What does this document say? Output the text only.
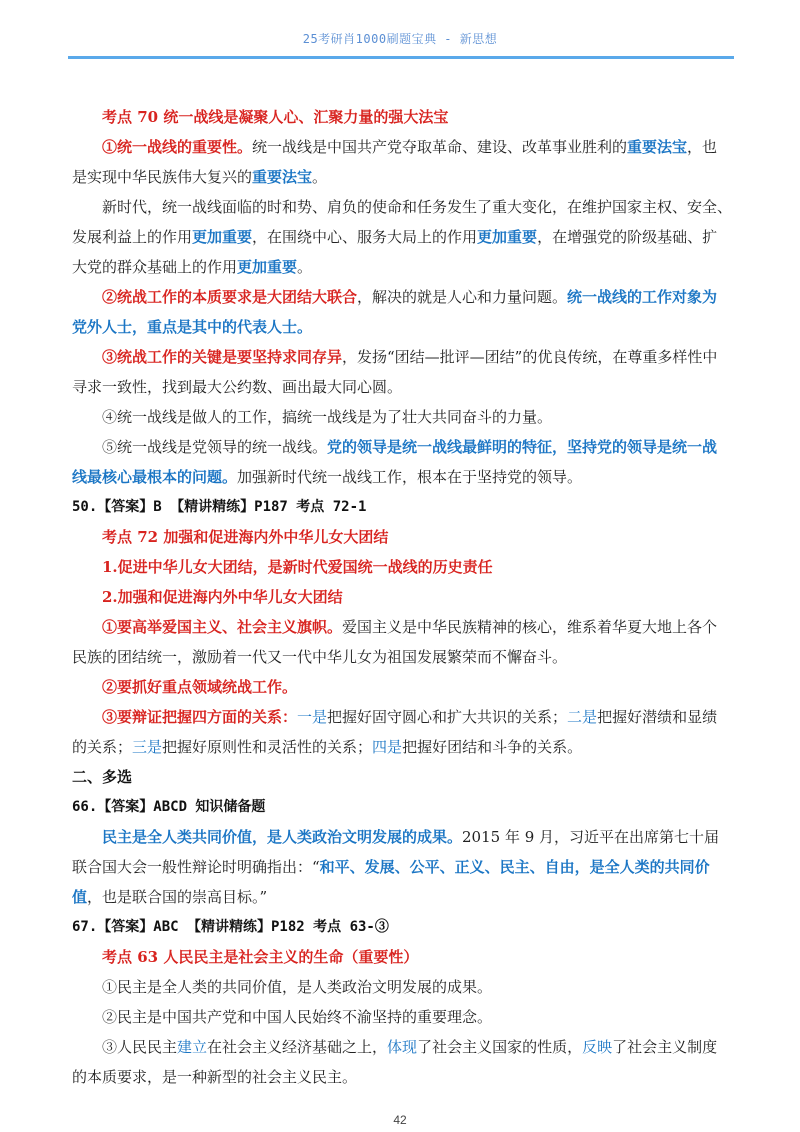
25考研肖1000刷题宝典 - 新思想

考点 70 统一战线是凝聚人心、汇聚力量的强大法宝

①统一战线的重要性。统一战线是中国共产党夺取革命、建设、改革事业胜利的重要法宝，也是实现中华民族伟大复兴的重要法宝。

新时代，统一战线面临的时和势、肩负的使命和任务发生了重大变化，在维护国家主权、安全、发展利益上的作用更加重要，在围绕中心、服务大局上的作用更加重要，在增强党的阶级基础、扩大党的群众基础上的作用更加重要。

②统战工作的本质要求是大团结大联合，解决的就是人心和力量问题。统一战线的工作对象为党外人士，重点是其中的代表人士。

③统战工作的关键是要坚持求同存异，发扬“团结—批评—团结”的优良传统，在尊重多样性中寻求一致性，找到最大公约数、画出最大同心圆。

④统一战线是做人的工作，搞统一战线是为了壮大共同奋斗的力量。

⑤统一战线是党领导的统一战线。党的领导是统一战线最鲜明的特征，坚持党的领导是统一战线最核心最根本的问题。加强新时代统一战线工作，根本在于坚持党的领导。

50.【答案】B 【精讲精练】P187 考点 72-1

考点 72 加强和促进海内外中华儿女大团结

1.促进中华儿女大团结，是新时代爱国统一战线的历史责任

2.加强和促进海内外中华儿女大团结

①要高举爱国主义、社会主义旗帜。爱国主义是中华民族精神的核心，维系着华夏大地上各个民族的团结统一，激励着一代又一代中华儿女为祖国发展繁荣而不懈奋斗。

②要抓好重点领域统战工作。

③要辩证把握四方面的关系：一是把握好固守圆心和扩大共识的关系；二是把握好潜绩和显绩的关系；三是把握好原则性和灵活性的关系；四是把握好团结和斗争的关系。

二、多选

66.【答案】ABCD 知识储备题

民主是全人类共同价值，是人类政治文明发展的成果。2015 年 9 月，习近平在出席第七十届联合国大会一般性辩论时明确指出：“和平、发展、公平、正义、民主、自由，是全人类的共同价值，也是联合国的崇高目标。”

67.【答案】ABC 【精讲精练】P182 考点 63-③

考点 63 人民民主是社会主义的生命（重要性）

①民主是全人类的共同价值，是人类政治文明发展的成果。

②民主是中国共产党和中国人民始终不渝坚持的重要理念。

③人民民主建立在社会主义经济基础之上，体现了社会主义国家的性质，反映了社会主义制度的本质要求，是一种新型的社会主义民主。

42
